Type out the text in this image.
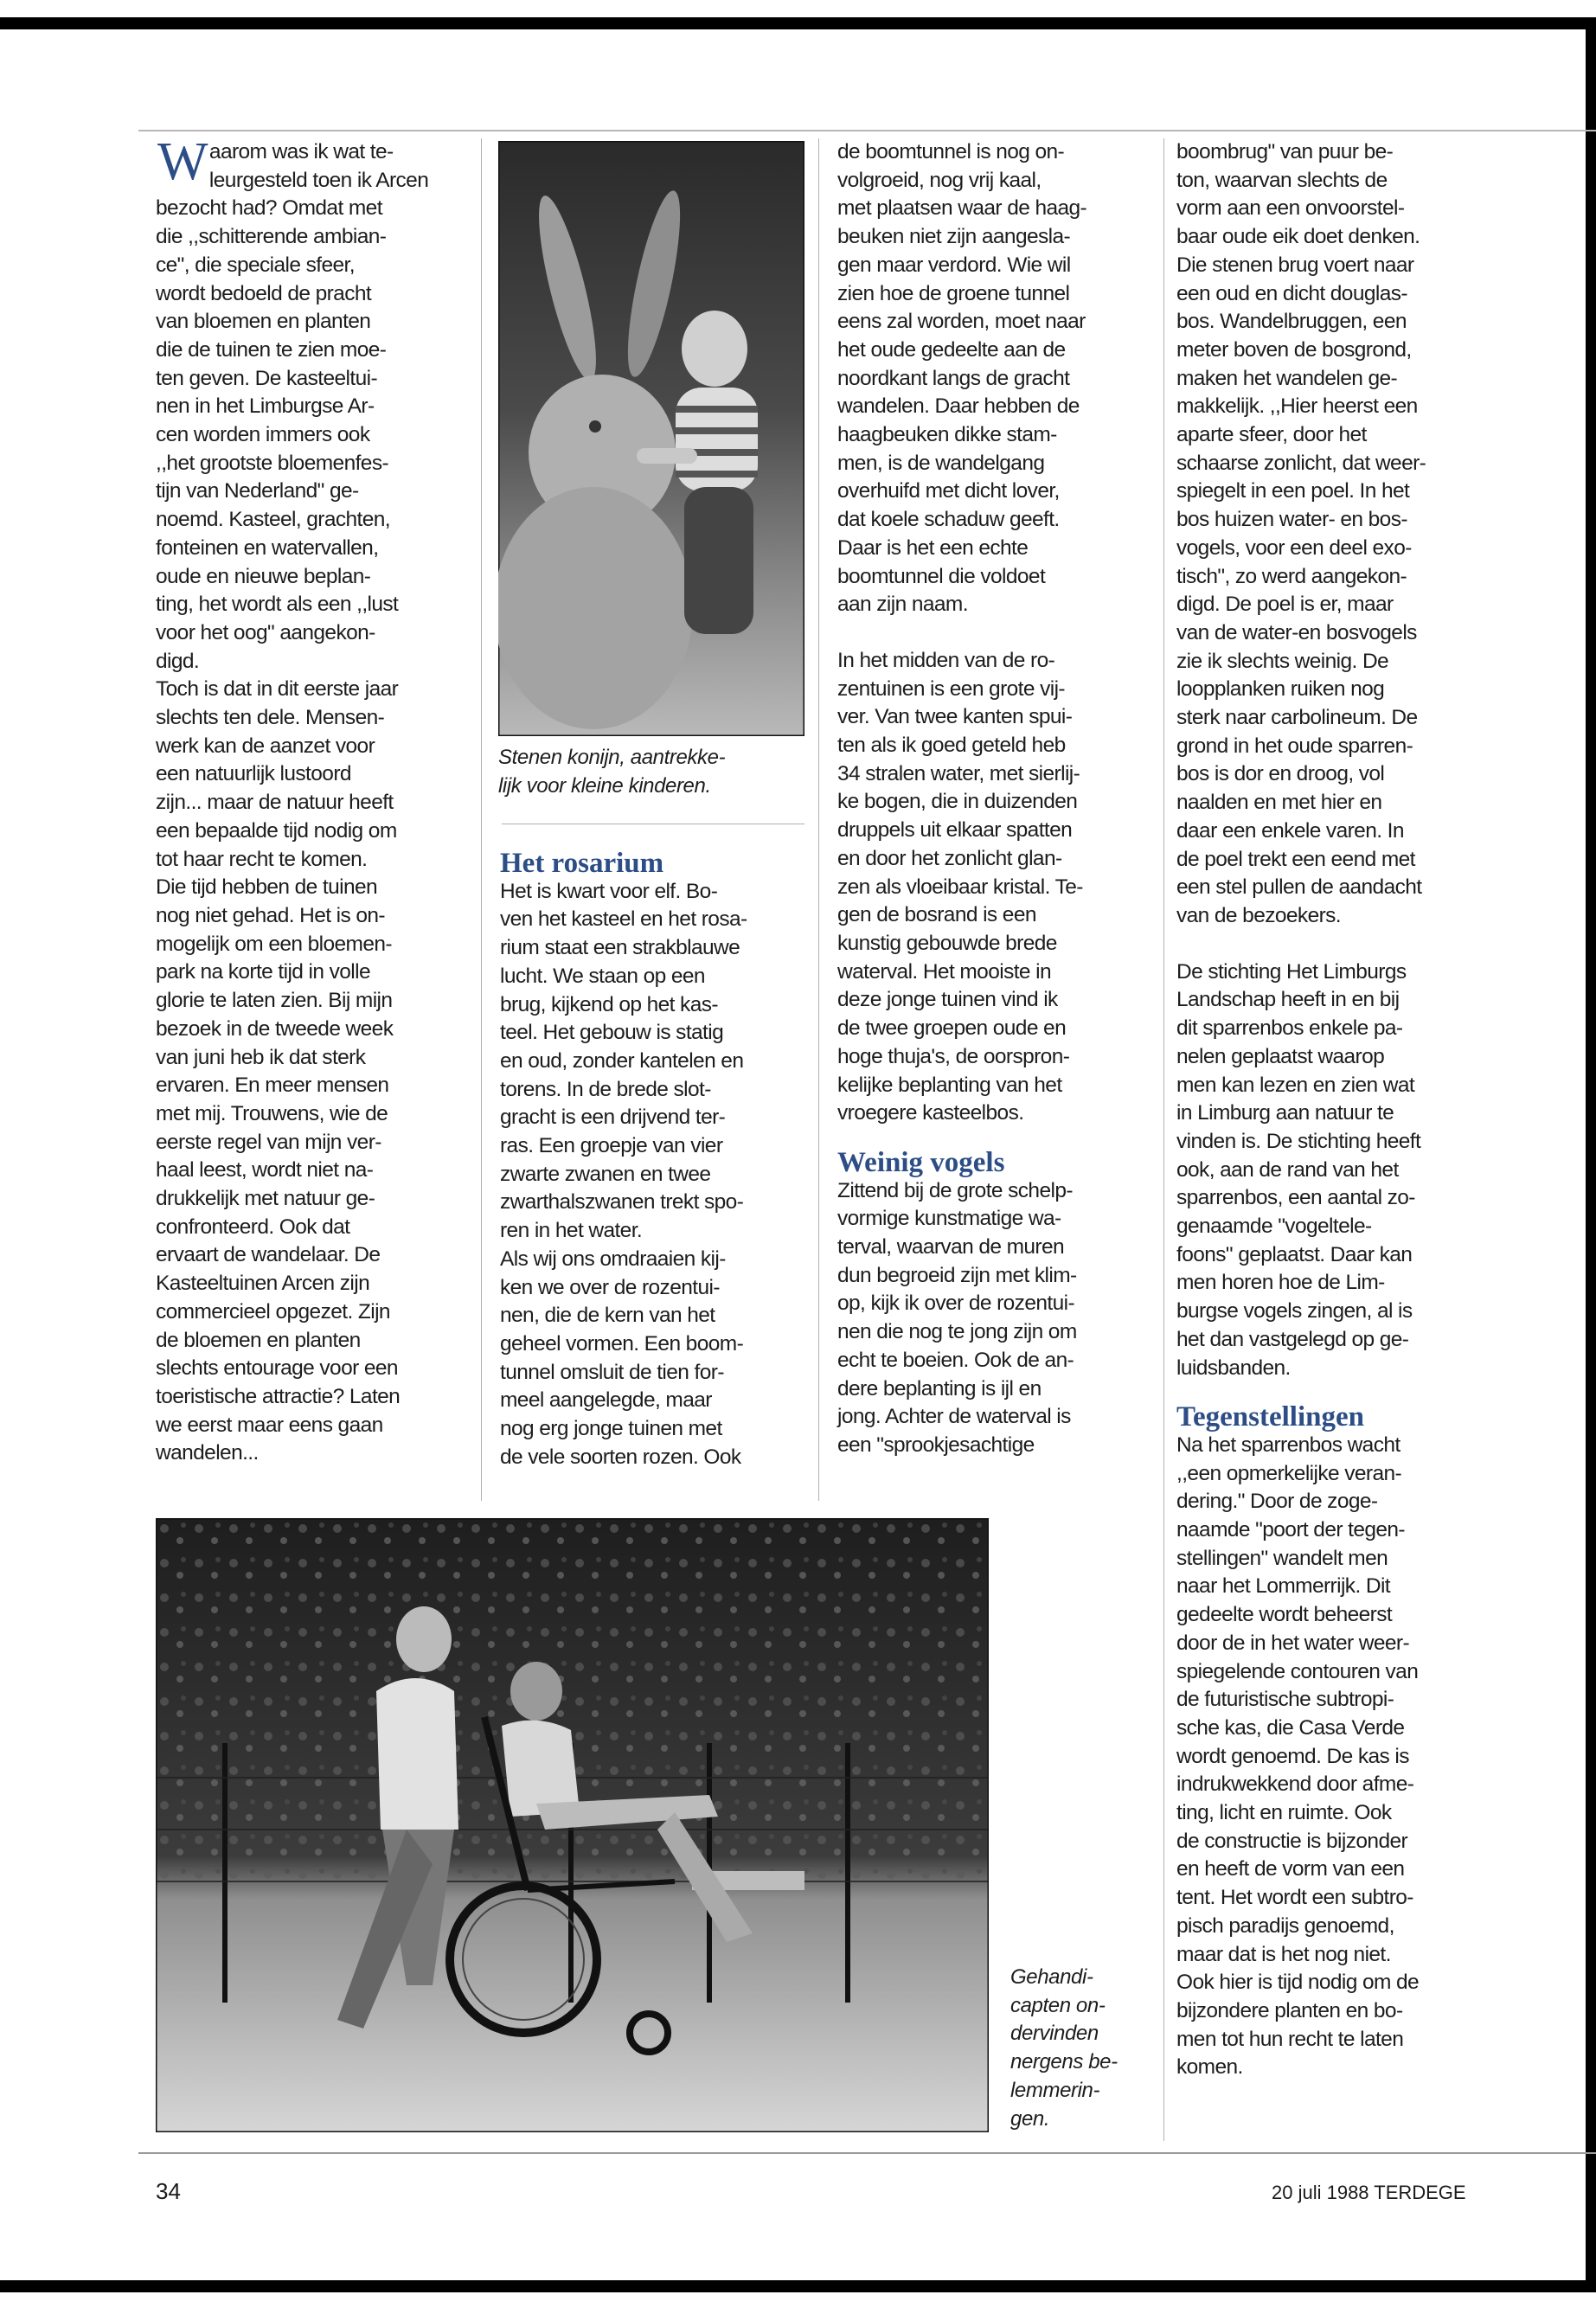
W aarom was ik wat te-

leurgesteld toen ik Arcen

bezocht had? Omdat met

die ,,schitterende ambian-

ce", die speciale sfeer,

wordt bedoeld de pracht

van bloemen en planten

die de tuinen te zien moe-

ten geven. De kasteeltui-

nen in het Limburgse Ar-

cen worden immers ook

,,het grootste bloemenfes-

tijn van Nederland" ge-

noemd. Kasteel, grachten,

fonteinen en watervallen,

oude en nieuwe beplan-

ting, het wordt als een ,,lust

voor het oog" aangekon-

digd.

Toch is dat in dit eerste jaar

slechts ten dele. Mensen-

werk kan de aanzet voor

een natuurlijk lustoord

zijn... maar de natuur heeft

een bepaalde tijd nodig om

tot haar recht te komen.

Die tijd hebben de tuinen

nog niet gehad. Het is on-

mogelijk om een bloemen-

park na korte tijd in volle

glorie te laten zien. Bij mijn

bezoek in de tweede week

van juni heb ik dat sterk

ervaren. En meer mensen

met mij. Trouwens, wie de

eerste regel van mijn ver-

haal leest, wordt niet na-

drukkelijk met natuur ge-

confronteerd. Ook dat

ervaart de wandelaar. De

Kasteeltuinen Arcen zijn

commercieel opgezet. Zijn

de bloemen en planten

slechts entourage voor een

toeristische attractie? Laten

we eerst maar eens gaan

wandelen...

Stenen konijn, aantrekke-

lijk voor kleine kinderen.

Het rosarium

Het is kwart voor elf. Bo-

ven het kasteel en het rosa-

rium staat een strakblauwe

lucht. We staan op een

brug, kijkend op het kas-

teel. Het gebouw is statig

en oud, zonder kantelen en

torens. In de brede slot-

gracht is een drijvend ter-

ras. Een groepje van vier

zwarte zwanen en twee

zwarthalszwanen trekt spo-

ren in het water.

Als wij ons omdraaien kij-

ken we over de rozentui-

nen, die de kern van het

geheel vormen. Een boom-

tunnel omsluit de tien for-

meel aangelegde, maar

nog erg jonge tuinen met

de vele soorten rozen. Ook

de boomtunnel is nog on-

volgroeid, nog vrij kaal,

met plaatsen waar de haag-

beuken niet zijn aangesla-

gen maar verdord. Wie wil

zien hoe de groene tunnel

eens zal worden, moet naar

het oude gedeelte aan de

noordkant langs de gracht

wandelen. Daar hebben de

haagbeuken dikke stam-

men, is de wandelgang

overhuifd met dicht lover,

dat koele schaduw geeft.

Daar is het een echte

boomtunnel die voldoet

aan zijn naam.

In het midden van de ro-

zentuinen is een grote vij-

ver. Van twee kanten spui-

ten als ik goed geteld heb

34 stralen water, met sierlij-

ke bogen, die in duizenden

druppels uit elkaar spatten

en door het zonlicht glan-

zen als vloeibaar kristal. Te-

gen de bosrand is een

kunstig gebouwde brede

waterval. Het mooiste in

deze jonge tuinen vind ik

de twee groepen oude en

hoge thuja's, de oorspron-

kelijke beplanting van het

vroegere kasteelbos.

Weinig vogels

Zittend bij de grote schelp-

vormige kunstmatige wa-

terval, waarvan de muren

dun begroeid zijn met klim-

op, kijk ik over de rozentui-

nen die nog te jong zijn om

echt te boeien. Ook de an-

dere beplanting is ijl en

jong. Achter de waterval is

een "sprookjesachtige

boombrug" van puur be-

ton, waarvan slechts de

vorm aan een onvoorstel-

baar oude eik doet denken.

Die stenen brug voert naar

een oud en dicht douglas-

bos. Wandelbruggen, een

meter boven de bosgrond,

maken het wandelen ge-

makkelijk. ,,Hier heerst een

aparte sfeer, door het

schaarse zonlicht, dat weer-

spiegelt in een poel. In het

bos huizen water- en bos-

vogels, voor een deel exo-

tisch", zo werd aangekon-

digd. De poel is er, maar

van de water-en bosvogels

zie ik slechts weinig. De

loopplanken ruiken nog

sterk naar carbolineum. De

grond in het oude sparren-

bos is dor en droog, vol

naalden en met hier en

daar een enkele varen. In

de poel trekt een eend met

een stel pullen de aandacht

van de bezoekers.

De stichting Het Limburgs

Landschap heeft in en bij

dit sparrenbos enkele pa-

nelen geplaatst waarop

men kan lezen en zien wat

in Limburg aan natuur te

vinden is. De stichting heeft

ook, aan de rand van het

sparrenbos, een aantal zo-

genaamde "vogeltele-

foons" geplaatst. Daar kan

men horen hoe de Lim-

burgse vogels zingen, al is

het dan vastgelegd op ge-

luidsbanden.

Tegenstellingen

Na het sparrenbos wacht

,,een opmerkelijke veran-

dering." Door de zoge-

naamde "poort der tegen-

stellingen" wandelt men

naar het Lommerrijk. Dit

gedeelte wordt beheerst

door de in het water weer-

spiegelende contouren van

de futuristische subtropi-

sche kas, die Casa Verde

wordt genoemd. De kas is

indrukwekkend door afme-

ting, licht en ruimte. Ook

de constructie is bijzonder

en heeft de vorm van een

tent. Het wordt een subtro-

pisch paradijs genoemd,

maar dat is het nog niet.

Ook hier is tijd nodig om de

bijzondere planten en bo-

men tot hun recht te laten

komen.

Gehandi-

capten on-

dervinden

nergens be-

lemmerin-

gen.

34	20 juli 1988 TERDEGE
